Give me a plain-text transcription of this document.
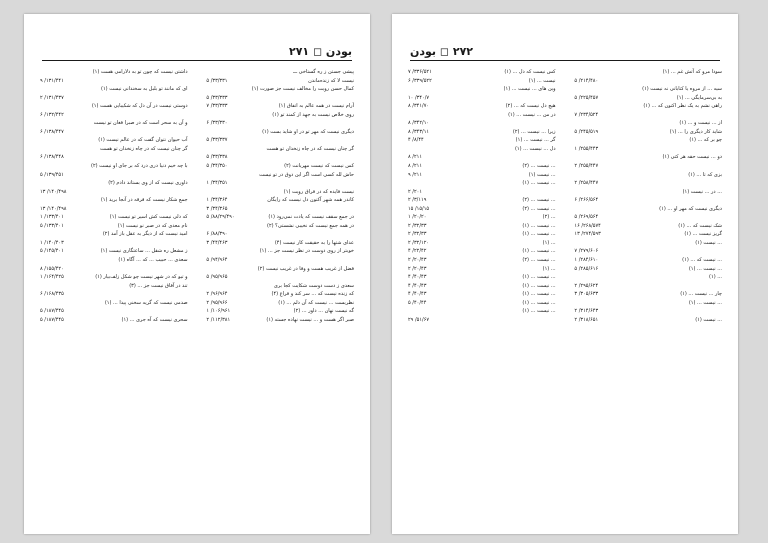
بودن ◻ ۲۷۱
پیشی جستن ز ره گستاخی ـــ
نیست لا که زنده‌ماندن
۵ /۳۳/۳۳۱
کمال حسن رویت را مخالف نیست جز صورت (۱)
۵ /۳۳/۳۳۳
آرام نیست در همه عالم به اتفاق (۱)
۷ /۳۳/۳۳۳
روی خلاص نیست به جهد از کمند تو (۱)
۶ /۳۳/۳۳۰
دیگری نیست که مهر تو در او شاید بست (۱)
۵ /۳۳/۳۳۷
گر چنان نیست که در چاه زنخدان تو هست
۵ /۳۳/۳۳۸
کس نیست که نیست مهربانت (۲)
۵ /۳۴/۳۵۰
حاش لله کسی است اگر این دوق در تو نیست
۱ /۳۴/۳۵۱
نیست فایده که در فراق رویت (۱)
کاندر همه شهر آکنون دل نیست که رایگان
۱ /۳۴/۳۶۴
۳ /۳۴/۳۶۵
در جمع سقف نیست که یادت نمی‌رود (۱)
۵ /۸۸/۲۹/۴۹۰
در همه جمع نیست که نخیبی نشستی؟ (۲)
۶ /۸۸/۳۹۰
عدای شتها را به حقیقت کار نیست (۴)
۳ /۴۴/۴۶۳
خوبتر از روی دوست در نظر نیست جز ... (۱)
۵ /۹۴/۹۶۴
فضل از غریب هست و وفا در غریب نیست (۲)
۵ /۹۵/۹۶۵
سعدی ز دست دوست شکایت کجا بری
که زنده نیست که ... سر کند و فراغ (۴)
۲ /۹۶/۹۶۴
نظربست ... نیست که آن دلم ... (۱)
۲ /۹۵/۹۶۶
گه نیست نهان ... داور ... (۲)
۱ /۱۰۶/۹۶۱
صبر اگر هست و ... نیست نهاده جسته (۱)
۲ /۱۱۲/۳۸۱
داشتن نیست که چون تو به دلارامی هست (۱)
۹ /۱۳۱/۴۴۱
ای که مانند تو بلبل به سخندانی نیست (۱)
۲ /۱۳۱/۴۳۷
دوستی نیست در آن دل که شکیبایی هست (۱)
۶ /۱۳۲/۴۴۲
و آن به سحر است که در صبرا فغان تو نیست
۶ /۱۳۸/۴۴۷
آب حیوان نتوان گفت که در عالم نیست (۱)
گر چنان نیست که در چاه زنخدان تو هست
۶ /۱۳۸/۴۴۸
با چه خیم دنیا دری درد که بر جای او نیست (۲)
۵ /۱۳۹/۴۵۱
داوری نیست که از وی بستاند دادم (۲)
۱۳ /۱۴۰/۴۹۸
جمع شکار نیست که فرقه در آنجا برید (۱)
۱۳ /۱۴۰/۴۹۸
که دلی نیست کش اسیر تو نیست (۱)
۱ /۱۳۳/۴۰۱
نام معدی که در صبر نو نیست (۱)
۵ /۱۳۳/۴۰۱
امید نیست که از دیگر به عقل باز آمد (۲)
۱ /۱۴۰/۴۰۳
ز مشعل ره شقل ... ساعتگاری نیست (۱)
۵ /۱۴۵/۴۰۱
سعدی ... حبیب ... که ... آگاه (۱)
۸ /۱۵۵/۴۲۰
و تیو که در شهر نیست چو شکل زلف‌بیار (۱)
۱ /۱۶۴/۴۲۵
تند در آفاق نیست جز ... (۳)
۶ /۱۶۸/۴۳۵
صدمی نیست که گریه سخنی پیدا ... (۱)
۵ /۱۸۷/۴۴۵
سحری نیست که آه جری ... (۱)
۵ /۱۸۷/۴۴۵
۲۷۲ ◻ بودن
سودا مرو که آتش غم ... (۱)
۵ /۲۱۴/۴۸۰
سیه ... از مروه یا کتابانی نه نیست (۱)
به بی‌سرمایگی ... (۱)
۵ /۲۲۵/۴۵۷
راهی نشم به یک نظر اکنون که ... (۱)
۷ /۲۳۴/۵۲۴
از ... نیست و ... (۱)
شاید کار دیگری را ... (۱)
۵ /۲۴۵/۵۱۹
چو بر که ... (۱)
۱ /۲۵۵/۴۴۳
دو ... نیست حقه هر کتی (۱)
۲ /۲۵۵/۴۴۷
بزی که تا ... (۱)
۲ /۲۵۸/۴۴۷
... در ... نیست (۱)
۶ /۲۶۶/۵۶۴
دیگری نیست که مهر او ... (۱)
۵ /۲۶۹/۵۶۴
شک نیست که ... (۱)
۱۶ /۲۶۸/۵۷۴
گریز نیست ... (۱)
۱۳ /۲۷۴/۵۹۳
... نیست (۱)
۷ /۲۷۹/۶۰۶
... نیست که ... (۱)
۱ /۲۸۴/۶۱۰
... نیست ... (۱)
۵ /۲۸۵/۶۱۶
... (۱)
۲ /۲۹۵/۶۲۴
چار ... نیست ... (۱)
۳ /۳۰۵/۶۳۳
... نیست ... (۱)
۲ /۳۱۴/۶۴۳
... نیست (۱)
۲ /۳۱۸/۶۵۱
کس نیست که دل ... (۱)
۷ /۳۳۶/۵۲۱
نیست ... (۱)
۶ /۳۳۹/۵۲۲
وین های ... نیست ... (۱)
۱۰ /۳۴۰/۷
هیچ دل نیست که ... (۲)
۸ /۳۴۱/۷۰
در من ... نیست ... (۱)
۸ /۳۴۲/۱۰
زیرا ... نیست ... (۲)
۸ /۳۴۳/۱۱
گر ... نیست ... (۱)
۴ /۸/۴۴
دل ... نیست ... (۱)
۸ /۲۱۱
... نیست ... (۲)
۸ /۲۱۱
... نیست (۱)
۹ /۲۱۱
... نیست ... (۱)
۲ /۲۰۱
... نیست ... (۲)
۲ /۳/۱۱۹
... نیست ... (۲)
۱۵ /۱۵/۱۵
... (۲)
۱ /۲۰/۲۰
... نیست ... (۱)
۲ /۳۲/۳۳
... نیست ... (۱)
۲ /۳۲/۳۳
... (۱)
۲ /۳۲/۱۲۰
... نیست ... (۱)
۴ /۲۲/۴۲
... نیست ... (۲)
۲ /۲۰/۴۳
... (۱)
۲ /۲۰/۴۳
... نیست ... (۱)
۴ /۴۰/۴۳
... نیست ... (۱)
۴ /۴۰/۴۳
... نیست ... (۱)
۴ /۴۰/۴۳
... نیست ... (۱)
۵ /۴۰/۴۴
... نیست ... (۱)
۲۹ /۵۱/۶۷
